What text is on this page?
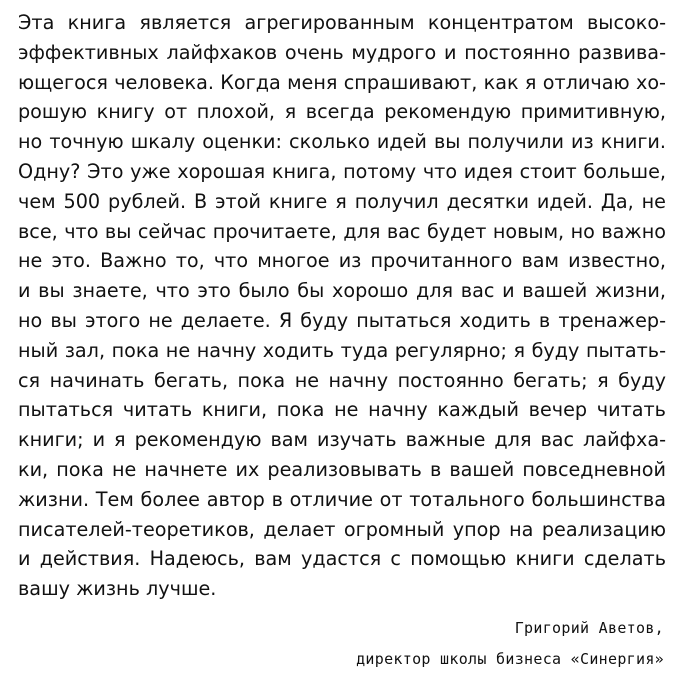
Эта книга является агрегированным концентратом высоко-
эффективных лайфхаков очень мудрого и постоянно развива-
ющегося человека. Когда меня спрашивают, как я отличаю хо-
рошую книгу от плохой, я всегда рекомендую примитивную,
но точную шкалу оценки: сколько идей вы получили из книги.
Одну? Это уже хорошая книга, потому что идея стоит больше,
чем 500 рублей. В этой книге я получил десятки идей. Да, не
все, что вы сейчас прочитаете, для вас будет новым, но важно
не это. Важно то, что многое из прочитанного вам известно,
и вы знаете, что это было бы хорошо для вас и вашей жизни,
но вы этого не делаете. Я буду пытаться ходить в тренажер-
ный зал, пока не начну ходить туда регулярно; я буду пытать-
ся начинать бегать, пока не начну постоянно бегать; я буду
пытаться читать книги, пока не начну каждый вечер читать
книги; и я рекомендую вам изучать важные для вас лайфха-
ки, пока не начнете их реализовывать в вашей повседневной
жизни. Тем более автор в отличие от тотального большинства
писателей-теоретиков, делает огромный упор на реализацию
и действия. Надеюсь, вам удастся с помощью книги сделать
вашу жизнь лучше.
Григорий Аветов,
директор школы бизнеса «Синергия»
